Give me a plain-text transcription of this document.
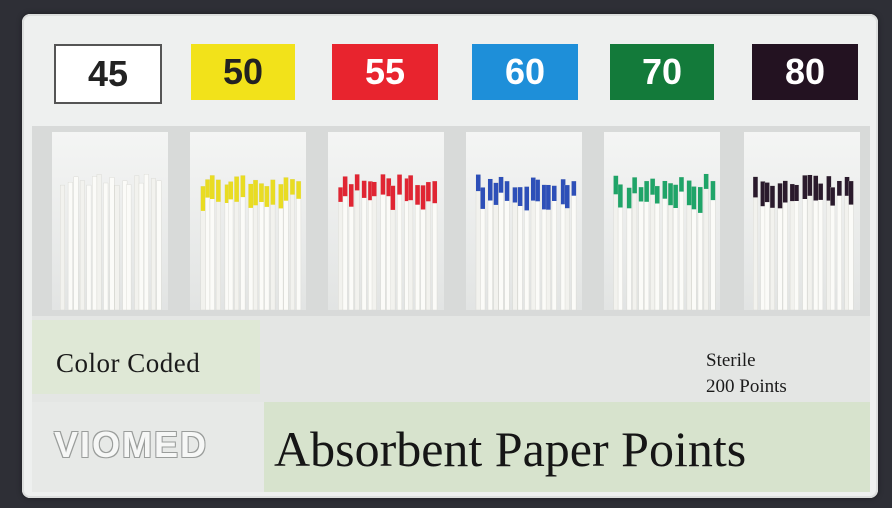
45	50	55	60	70	80
Color Coded	Sterile
200 Points
VIOMED Absorbent Paper Points
